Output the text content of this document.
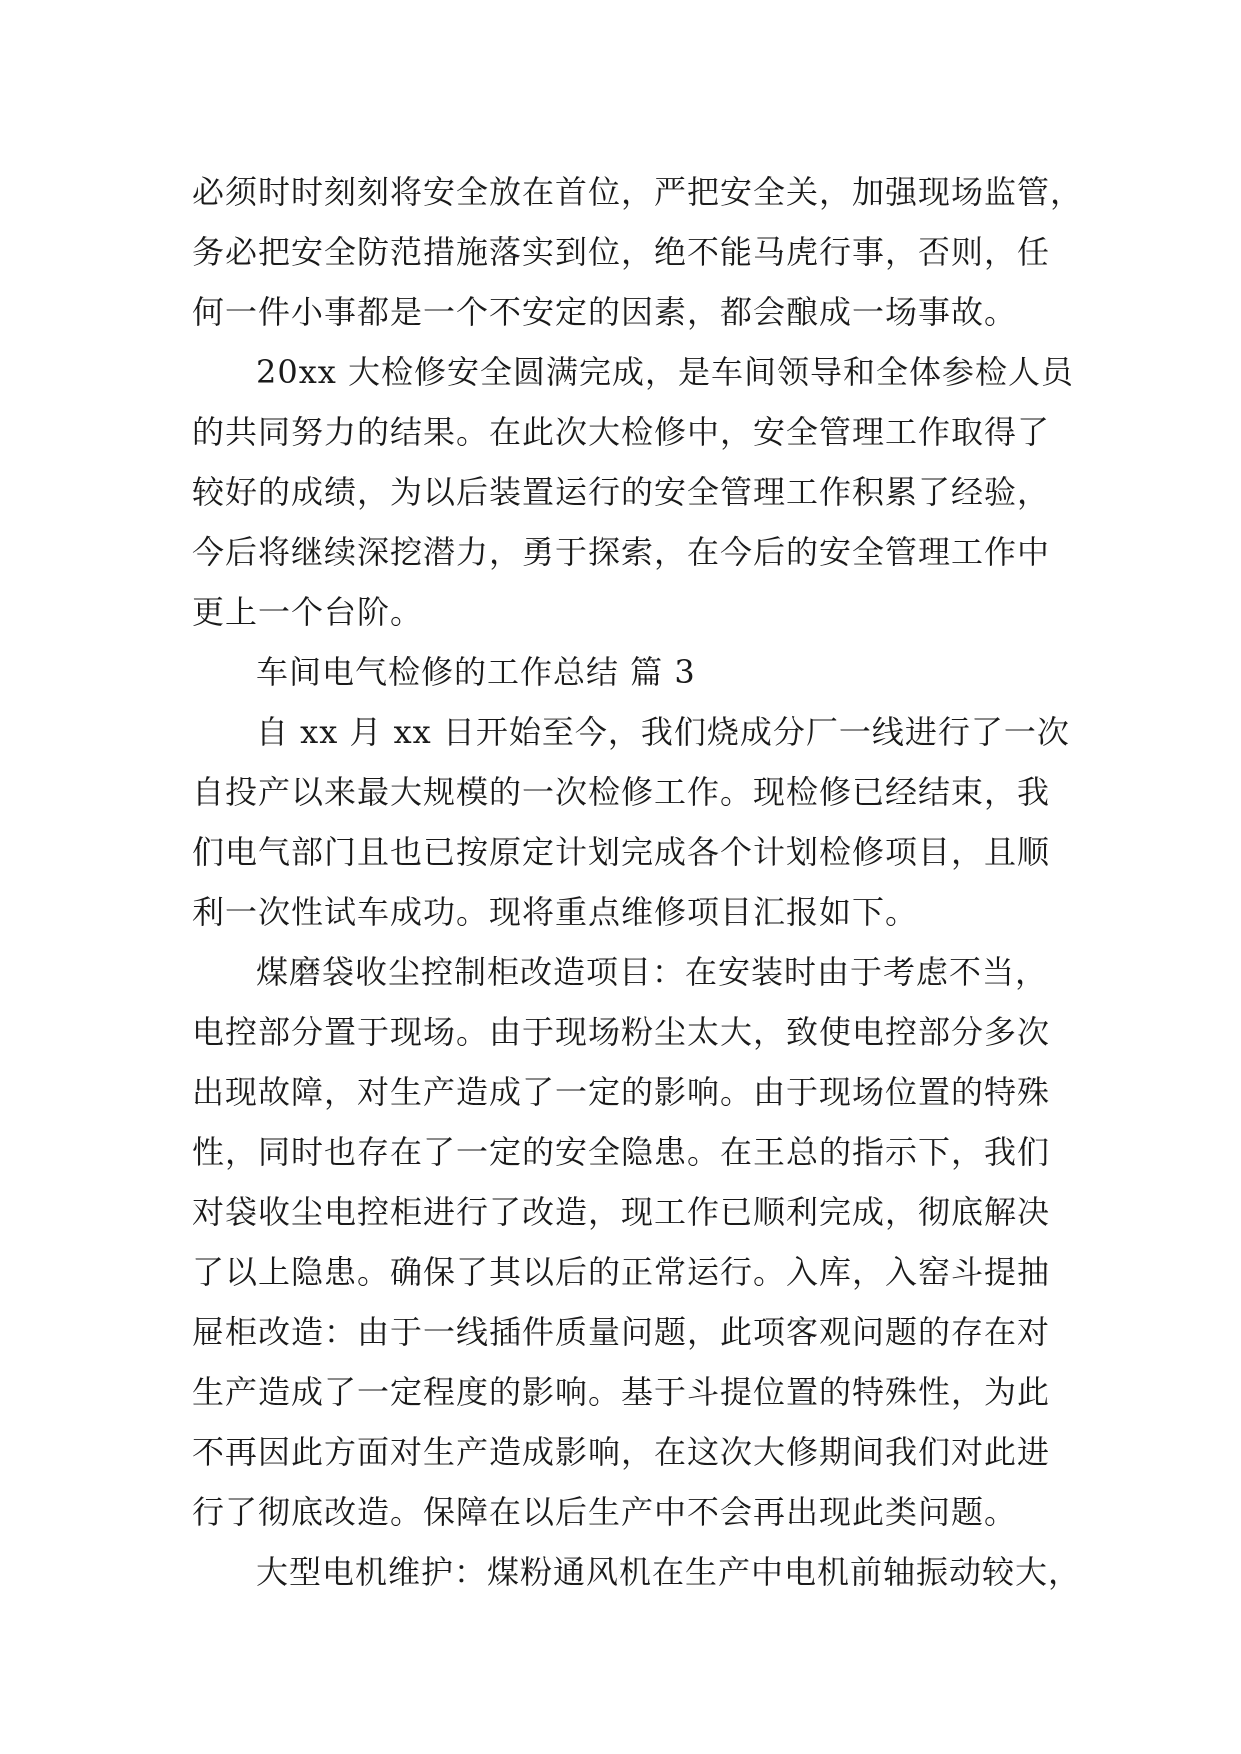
必须时时刻刻将安全放在首位，严把安全关，加强现场监管，
务必把安全防范措施落实到位，绝不能马虎行事，否则，任
何一件小事都是一个不安定的因素，都会酿成一场事故。
20xx 大检修安全圆满完成，是车间领导和全体参检人员
的共同努力的结果。在此次大检修中，安全管理工作取得了
较好的成绩，为以后装置运行的安全管理工作积累了经验，
今后将继续深挖潜力，勇于探索，在今后的安全管理工作中
更上一个台阶。
车间电气检修的工作总结 篇 3
自 xx 月 xx 日开始至今，我们烧成分厂一线进行了一次
自投产以来最大规模的一次检修工作。现检修已经结束，我
们电气部门且也已按原定计划完成各个计划检修项目，且顺
利一次性试车成功。现将重点维修项目汇报如下。
煤磨袋收尘控制柜改造项目：在安装时由于考虑不当，
电控部分置于现场。由于现场粉尘太大，致使电控部分多次
出现故障，对生产造成了一定的影响。由于现场位置的特殊
性，同时也存在了一定的安全隐患。在王总的指示下，我们
对袋收尘电控柜进行了改造，现工作已顺利完成，彻底解决
了以上隐患。确保了其以后的正常运行。入库，入窑斗提抽
屉柜改造：由于一线插件质量问题，此项客观问题的存在对
生产造成了一定程度的影响。基于斗提位置的特殊性，为此
不再因此方面对生产造成影响，在这次大修期间我们对此进
行了彻底改造。保障在以后生产中不会再出现此类问题。
大型电机维护：煤粉通风机在生产中电机前轴振动较大，
